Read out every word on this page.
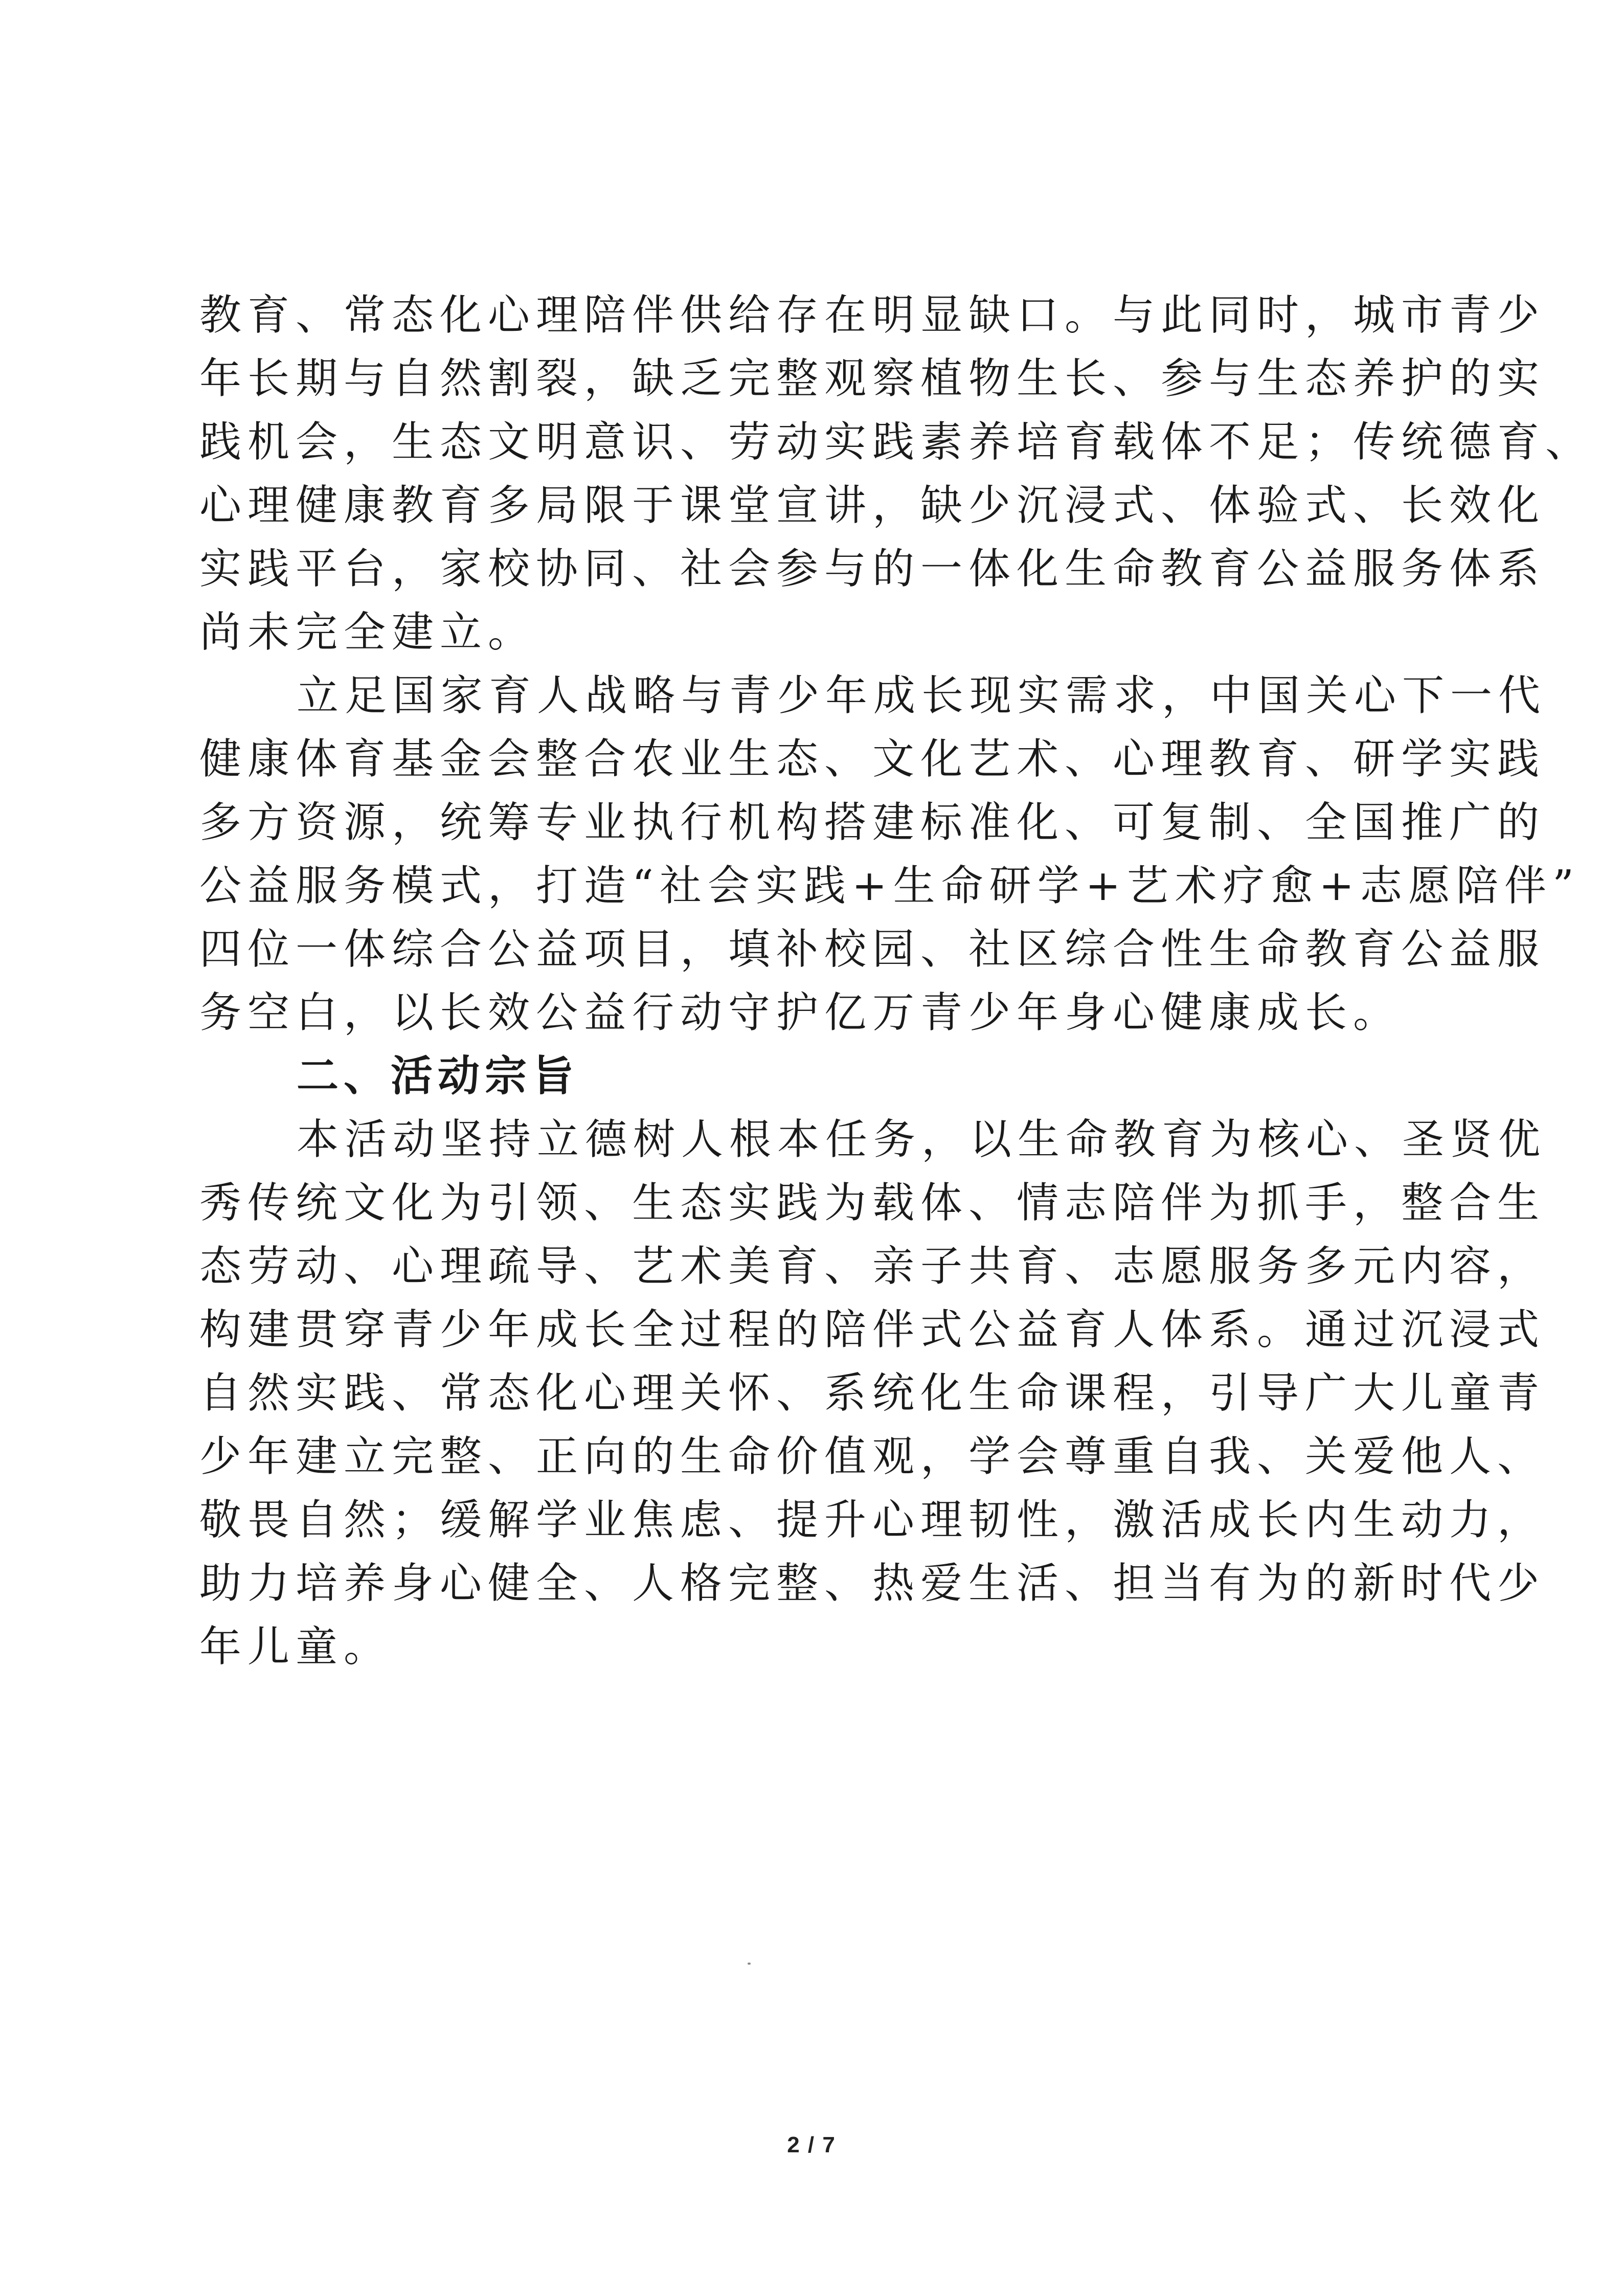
教育、常态化心理陪伴供给存在明显缺口。与此同时，城市青少
年长期与自然割裂，缺乏完整观察植物生长、参与生态养护的实
践机会，生态文明意识、劳动实践素养培育载体不足；传统德育、
心理健康教育多局限于课堂宣讲，缺少沉浸式、体验式、长效化
实践平台，家校协同、社会参与的一体化生命教育公益服务体系
尚未完全建立。
立足国家育人战略与青少年成长现实需求，中国关心下一代
健康体育基金会整合农业生态、文化艺术、心理教育、研学实践
多方资源，统筹专业执行机构搭建标准化、可复制、全国推广的
公益服务模式，打造“社会实践+生命研学+艺术疗愈+志愿陪伴”
四位一体综合公益项目，填补校园、社区综合性生命教育公益服
务空白，以长效公益行动守护亿万青少年身心健康成长。
二、活动宗旨
本活动坚持立德树人根本任务，以生命教育为核心、圣贤优
秀传统文化为引领、生态实践为载体、情志陪伴为抓手，整合生
态劳动、心理疏导、艺术美育、亲子共育、志愿服务多元内容，
构建贯穿青少年成长全过程的陪伴式公益育人体系。通过沉浸式
自然实践、常态化心理关怀、系统化生命课程，引导广大儿童青
少年建立完整、正向的生命价值观，学会尊重自我、关爱他人、
敬畏自然；缓解学业焦虑、提升心理韧性，激活成长内生动力，
助力培养身心健全、人格完整、热爱生活、担当有为的新时代少
年儿童。
2 / 7
